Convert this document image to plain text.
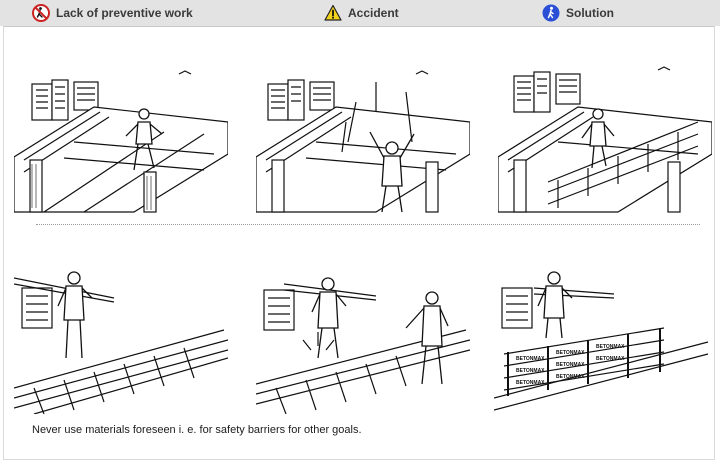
Lack of preventive work	Accident	Solution
BETONMAX
BETONMAX
BETONMAX
BETONMAX
BETONMAX
BETONMAX
BETONMAX
BETONMAX
Never use materials foreseen i. e. for safety barriers for other goals.
